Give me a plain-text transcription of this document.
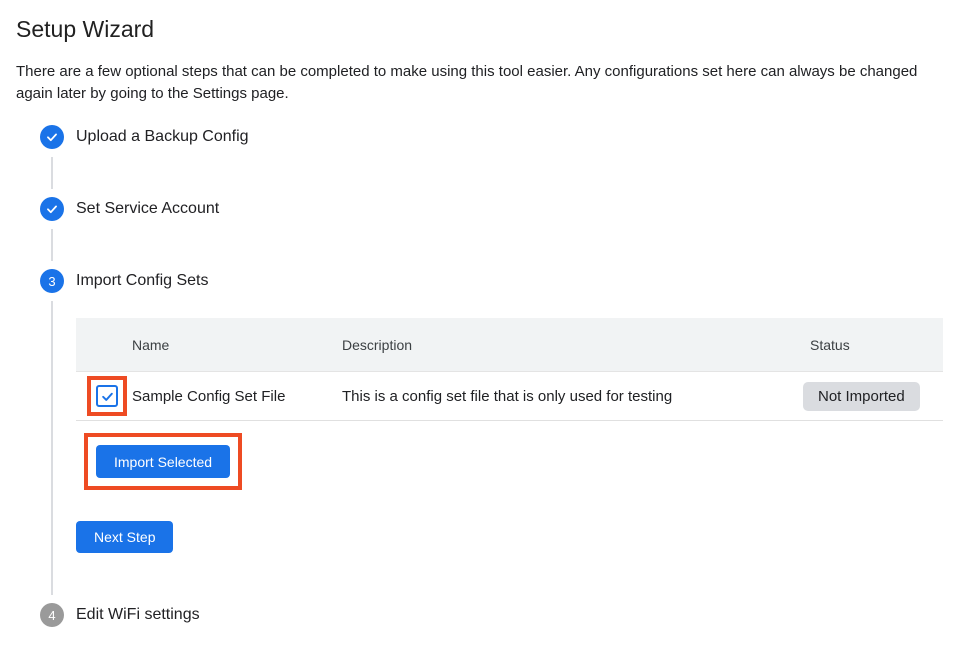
Setup Wizard

There are a few optional steps that can be completed to make using this tool easier. Any configurations set here can always be changed again later by going to the Settings page.

Upload a Backup Config
Set Service Account
3	Import Config Sets
Name	Description	Status
Sample Config Set File	This is a config set file that is only used for testing	Not Imported
Import Selected
Next Step
4	Edit WiFi settings
